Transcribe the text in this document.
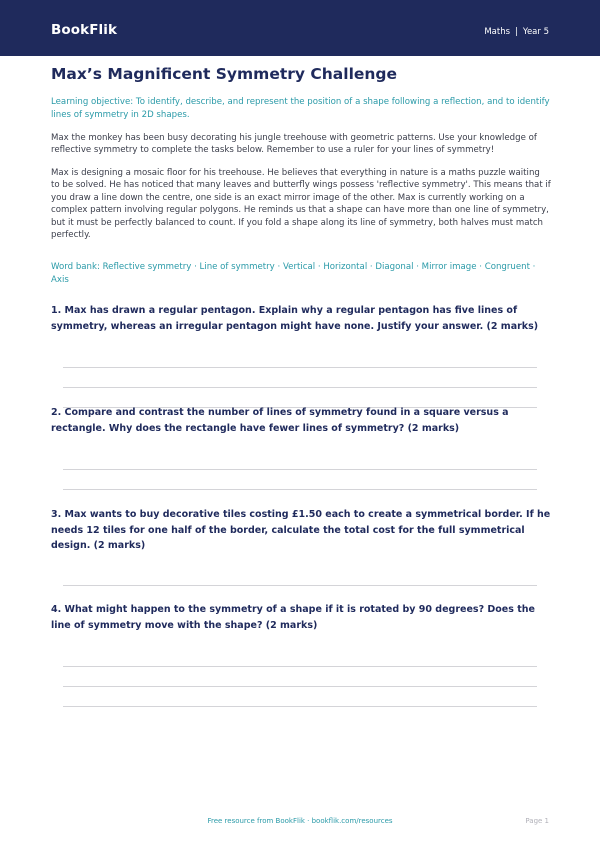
BookFlik	Maths | Year 5
Max’s Magnificent Symmetry Challenge

Learning objective: To identify, describe, and represent the position of a shape following a reflection, and to identify lines of symmetry in 2D shapes.

Max the monkey has been busy decorating his jungle treehouse with geometric patterns. Use your knowledge of reflective symmetry to complete the tasks below. Remember to use a ruler for your lines of symmetry!

Max is designing a mosaic floor for his treehouse. He believes that everything in nature is a maths puzzle waiting to be solved. He has noticed that many leaves and butterfly wings possess 'reflective symmetry'. This means that if you draw a line down the centre, one side is an exact mirror image of the other. Max is currently working on a complex pattern involving regular polygons. He reminds us that a shape can have more than one line of symmetry, but it must be perfectly balanced to count. If you fold a shape along its line of symmetry, both halves must match perfectly.

Word bank: Reflective symmetry · Line of symmetry · Vertical · Horizontal · Diagonal · Mirror image · Congruent · Axis

1. Max has drawn a regular pentagon. Explain why a regular pentagon has five lines of symmetry, whereas an irregular pentagon might have none. Justify your answer. (2 marks)

2. Compare and contrast the number of lines of symmetry found in a square versus a rectangle. Why does the rectangle have fewer lines of symmetry? (2 marks)

3. Max wants to buy decorative tiles costing £1.50 each to create a symmetrical border. If he needs 12 tiles for one half of the border, calculate the total cost for the full symmetrical design. (2 marks)

4. What might happen to the symmetry of a shape if it is rotated by 90 degrees? Does the line of symmetry move with the shape? (2 marks)

Free resource from BookFlik · bookflik.com/resources	Page 1
